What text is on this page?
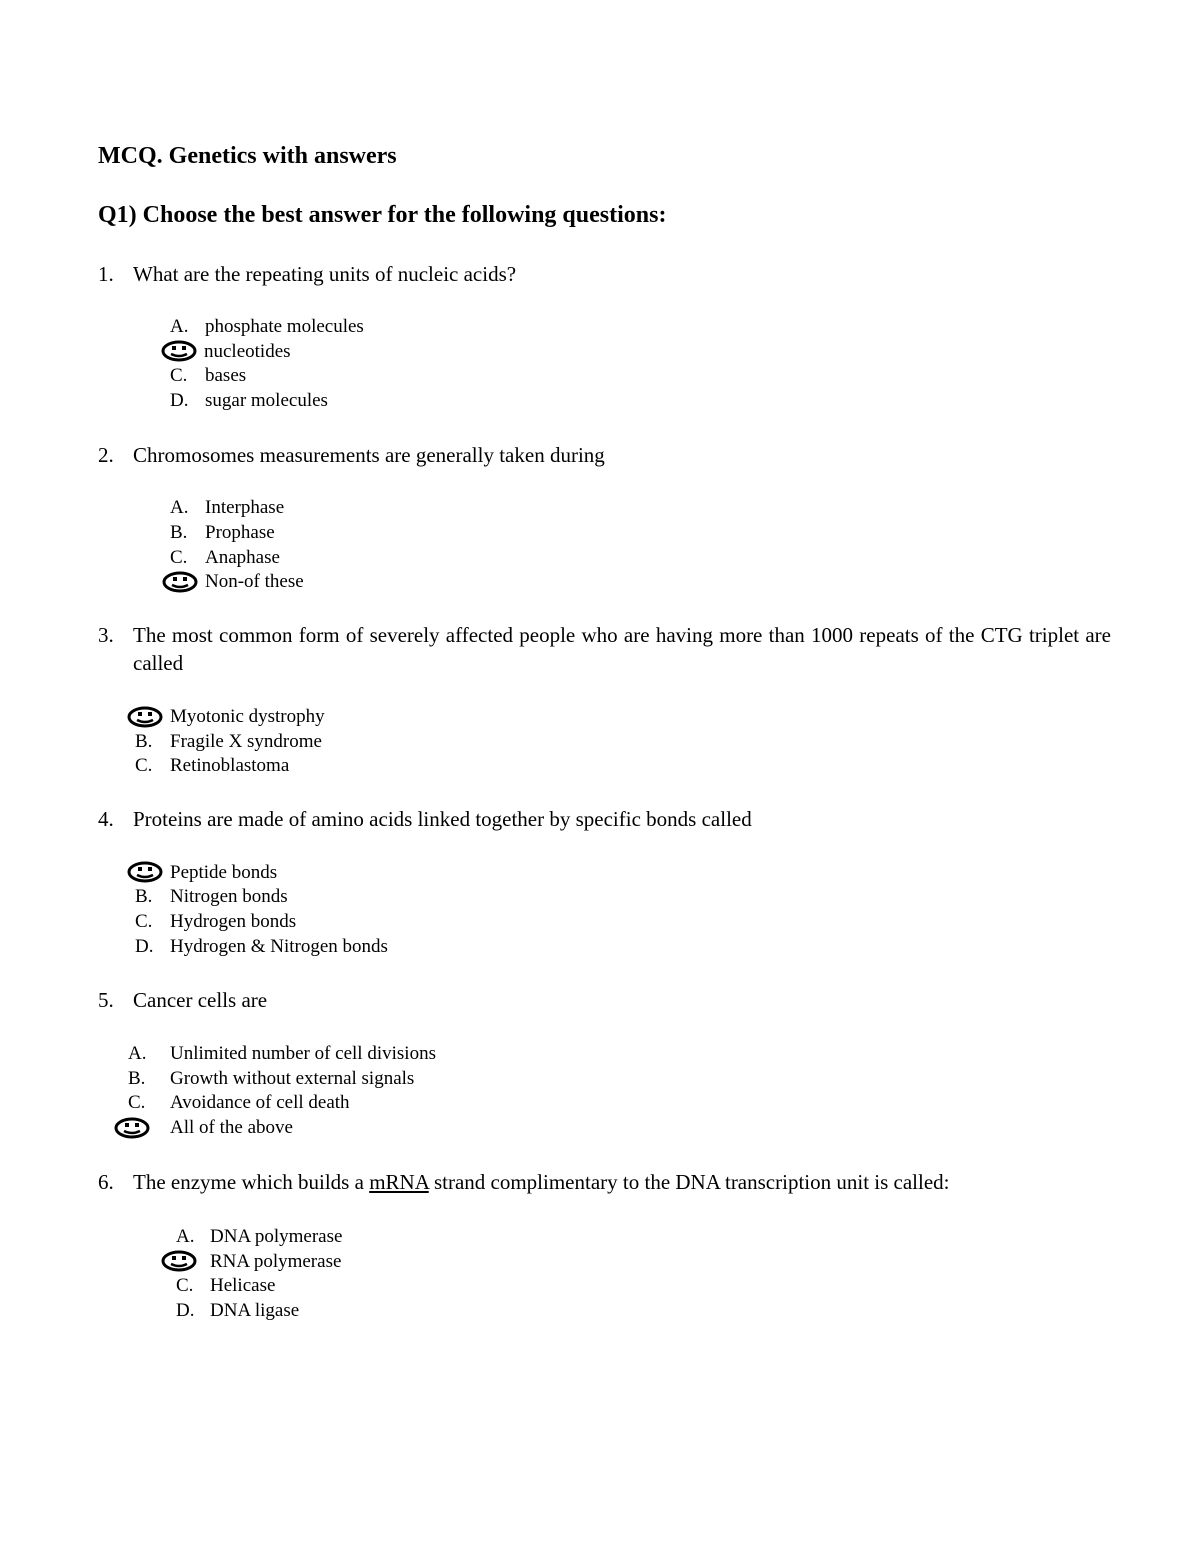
MCQ. Genetics with answers
Q1) Choose the best answer for the following questions:
1. What are the repeating units of nucleic acids?
A. phosphate molecules
nucleotides
C. bases
D. sugar molecules
2. Chromosomes measurements are generally taken during
A. Interphase
B. Prophase
C. Anaphase
Non-of these
3. The most common form of severely affected people who are having more than 1000 repeats of the CTG triplet are called
Myotonic dystrophy
B. Fragile X syndrome
C. Retinoblastoma
4. Proteins are made of amino acids linked together by specific bonds called
Peptide bonds
B. Nitrogen bonds
C. Hydrogen bonds
D. Hydrogen & Nitrogen bonds
5. Cancer cells are
A. Unlimited number of cell divisions
B. Growth without external signals
C. Avoidance of cell death
All of the above
6. The enzyme which builds a mRNA strand complimentary to the DNA transcription unit is called:
A. DNA polymerase
RNA polymerase
C. Helicase
D. DNA ligase
